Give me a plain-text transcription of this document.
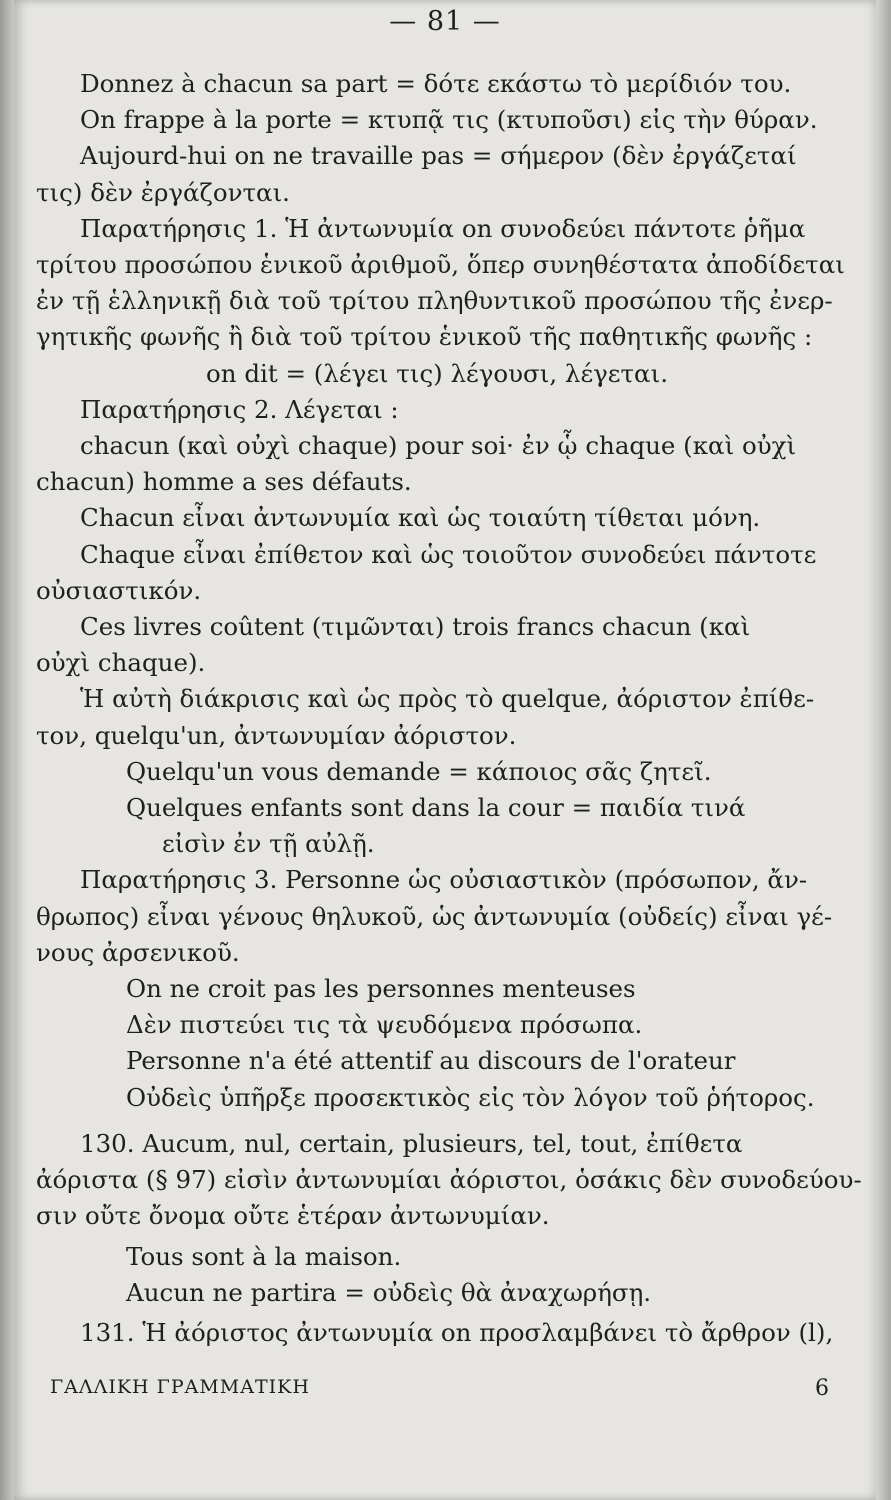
— 81 —
Donnez à chacun sa part = δότε εκάστω τὸ μερίδιόν του.
On frappe à la porte = κτυπᾷ τις (κτυποῦσι) εἰς τὴν θύραν.
Aujourd-hui on ne travaille pas = σήμερον (δὲν ἐργάζεταί
τις) δὲν ἐργάζονται.
Παρατήρησις 1. Ἡ ἀντωνυμία on συνοδεύει πάντοτε ῥῆμα
τρίτου προσώπου ἑνικοῦ ἀριθμοῦ, ὅπερ συνηθέστατα ἀποδίδεται
ἐν τῇ ἑλληνικῇ διὰ τοῦ τρίτου πληθυντικοῦ προσώπου τῆς ἐνερ-
γητικῆς φωνῆς ἢ διὰ τοῦ τρίτου ἑνικοῦ τῆς παθητικῆς φωνῆς :
on dit = (λέγει τις) λέγουσι, λέγεται.
Παρατήρησις 2. Λέγεται :
chacun (καὶ οὐχὶ chaque) pour soi· ἐν ᾧ chaque (καὶ οὐχὶ
chacun) homme a ses défauts.
Chacun εἶναι ἀντωνυμία καὶ ὡς τοιαύτη τίθεται μόνη.
Chaque εἶναι ἐπίθετον καὶ ὡς τοιοῦτον συνοδεύει πάντοτε
οὐσιαστικόν.
Ces livres coûtent (τιμῶνται) trois francs chacun (καὶ
οὐχὶ chaque).
Ἡ αὐτὴ διάκρισις καὶ ὡς πρὸς τὸ quelque, ἀόριστον ἐπίθε-
τον, quelqu'un, ἀντωνυμίαν ἀόριστον.
Quelqu'un vous demande = κάποιος σᾶς ζητεῖ.
Quelques enfants sont dans la cour = παιδία τινά
εἰσὶν ἐν τῇ αὐλῇ.
Παρατήρησις 3. Personne ὡς οὐσιαστικὸν (πρόσωπον, ἄν-
θρωπος) εἶναι γένους θηλυκοῦ, ὡς ἀντωνυμία (οὐδείς) εἶναι γέ-
νους ἀρσενικοῦ.
On ne croit pas les personnes menteuses
Δὲν πιστεύει τις τὰ ψευδόμενα πρόσωπα.
Personne n'a été attentif au discours de l'orateur
Οὐδεὶς ὑπῆρξε προσεκτικὸς εἰς τὸν λόγον τοῦ ῥήτορος.
130. Aucum, nul, certain, plusieurs, tel, tout, ἐπίθετα
ἀόριστα (§ 97) εἰσὶν ἀντωνυμίαι ἀόριστοι, ὁσάκις δὲν συνοδεύου-
σιν οὔτε ὄνομα οὔτε ἑτέραν ἀντωνυμίαν.
Tous sont à la maison.
Aucun ne partira = οὐδεὶς θὰ ἀναχωρήσῃ.
131. Ἡ ἀόριστος ἀντωνυμία on προσλαμβάνει τὸ ἄρθρον (l),
ΓΑΛΛΙΚΗ ΓΡΑΜΜΑΤΙΚΗ	6
